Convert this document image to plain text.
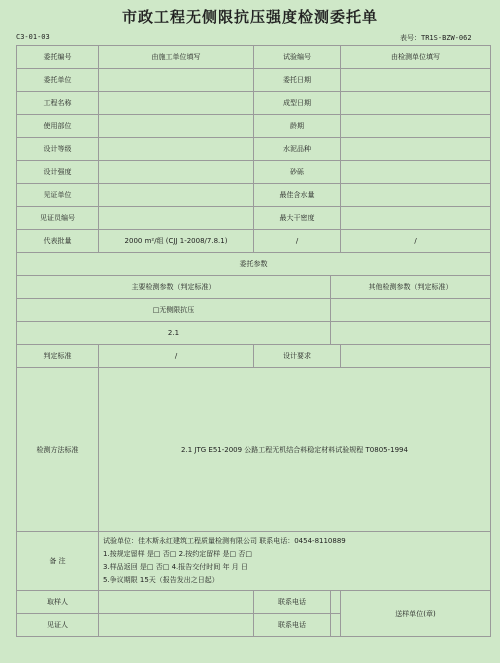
市政工程无侧限抗压强度检测委托单
C3-01-03	表号：TR1S-BZW-062
委托编号	由施工单位填写	试验编号		由检测单位填写
委托单位		委托日期		
工程名称		成型日期		
使用部位		龄期		
设计等级		水泥品种		
设计强度		砂砾		
见证单位		最佳含水量		
见证员编号		最大干密度		
代表批量	2000 m²/组 (CJJ 1-2008/7.8.1)	/		/
委托参数				
主要检测参数（判定标准）			其他检测参数（判定标准）	
□无侧限抗压				
2.1				
判定标准	/	设计要求		
检测方法标准	2.1 JTG E51-2009 公路工程无机结合料稳定材料试验规程 T0805-1994			
备 注	试验单位：佳木斯永红建筑工程质量检测有限公司 联系电话：0454-8110889
1.按规定留样 是□ 否□ 2.按约定留样 是□ 否□
3.样品返回 是□ 否□ 4.报告交付时间 年 月 日
5.争议期限 15天（报告发出之日起）			

取样人		联系电话		送样单位(章)
见证人		联系电话		
